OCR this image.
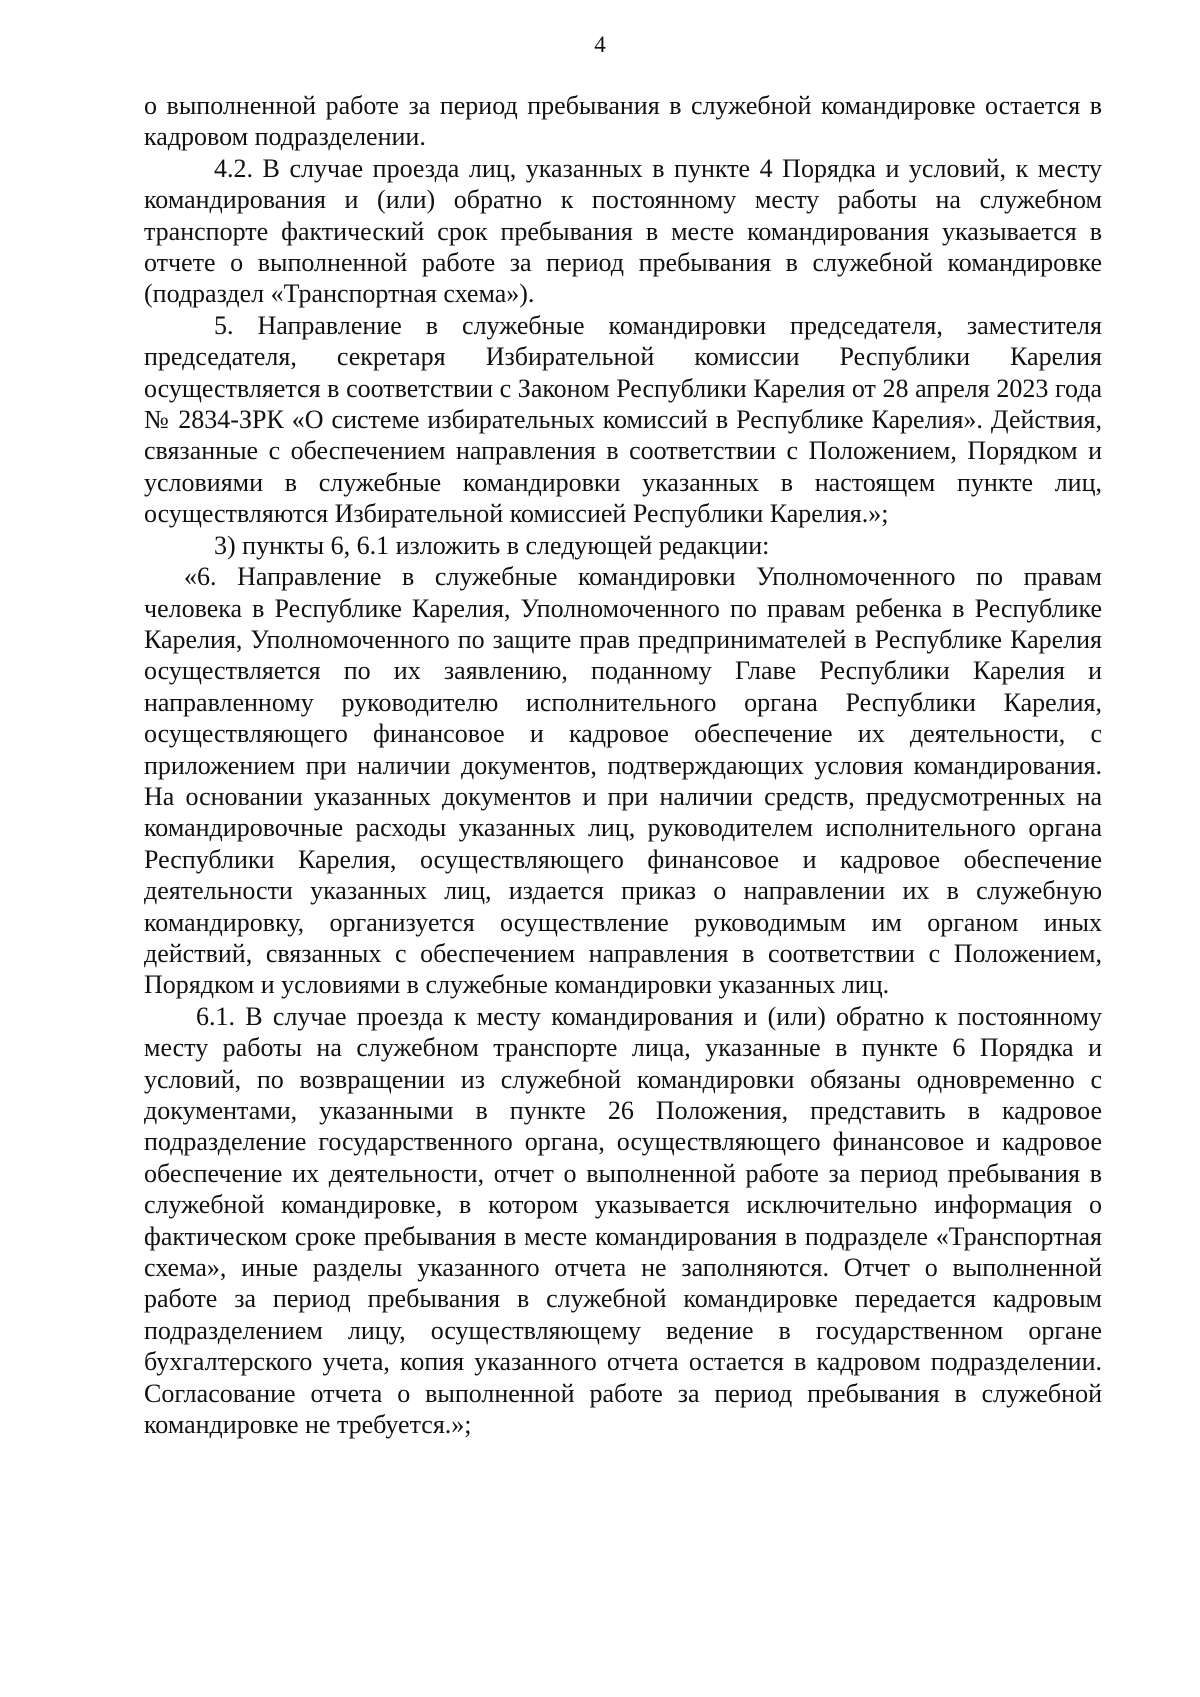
4

о выполненной работе за период пребывания в служебной командировке остается в кадровом подразделении.

4.2. В случае проезда лиц, указанных в пункте 4 Порядка и условий, к месту командирования и (или) обратно к постоянному месту работы на служебном транспорте фактический срок пребывания в месте командирования указывается в отчете о выполненной работе за период пребывания в служебной командировке (подраздел «Транспортная схема»).

5. Направление в служебные командировки председателя, заместителя председателя, секретаря Избирательной комиссии Республики Карелия осуществляется в соответствии с Законом Республики Карелия от 28 апреля 2023 года № 2834-ЗРК «О системе избирательных комиссий в Республике Карелия». Действия, связанные с обеспечением направления в соответствии с Положением, Порядком и условиями в служебные командировки указанных в настоящем пункте лиц, осуществляются Избирательной комиссией Республики Карелия.»;

3) пункты 6, 6.1 изложить в следующей редакции:

«6. Направление в служебные командировки Уполномоченного по правам человека в Республике Карелия, Уполномоченного по правам ребенка в Республике Карелия, Уполномоченного по защите прав предпринимателей в Республике Карелия осуществляется по их заявлению, поданному Главе Республики Карелия и направленному руководителю исполнительного органа Республики Карелия, осуществляющего финансовое и кадровое обеспечение их деятельности, с приложением при наличии документов, подтверждающих условия командирования. На основании указанных документов и при наличии средств, предусмотренных на командировочные расходы указанных лиц, руководителем исполнительного органа Республики Карелия, осуществляющего финансовое и кадровое обеспечение деятельности указанных лиц, издается приказ о направлении их в служебную командировку, организуется осуществление руководимым им органом иных действий, связанных с обеспечением направления в соответствии с Положением, Порядком и условиями в служебные командировки указанных лиц.

6.1. В случае проезда к месту командирования и (или) обратно к постоянному месту работы на служебном транспорте лица, указанные в пункте 6 Порядка и условий, по возвращении из служебной командировки обязаны одновременно с документами, указанными в пункте 26 Положения, представить в кадровое подразделение государственного органа, осуществляющего финансовое и кадровое обеспечение их деятельности, отчет о выполненной работе за период пребывания в служебной командировке, в котором указывается исключительно информация о фактическом сроке пребывания в месте командирования в подразделе «Транспортная схема», иные разделы указанного отчета не заполняются. Отчет о выполненной работе за период пребывания в служебной командировке передается кадровым подразделением лицу, осуществляющему ведение в государственном органе бухгалтерского учета, копия указанного отчета остается в кадровом подразделении. Согласование отчета о выполненной работе за период пребывания в служебной командировке не требуется.»;
